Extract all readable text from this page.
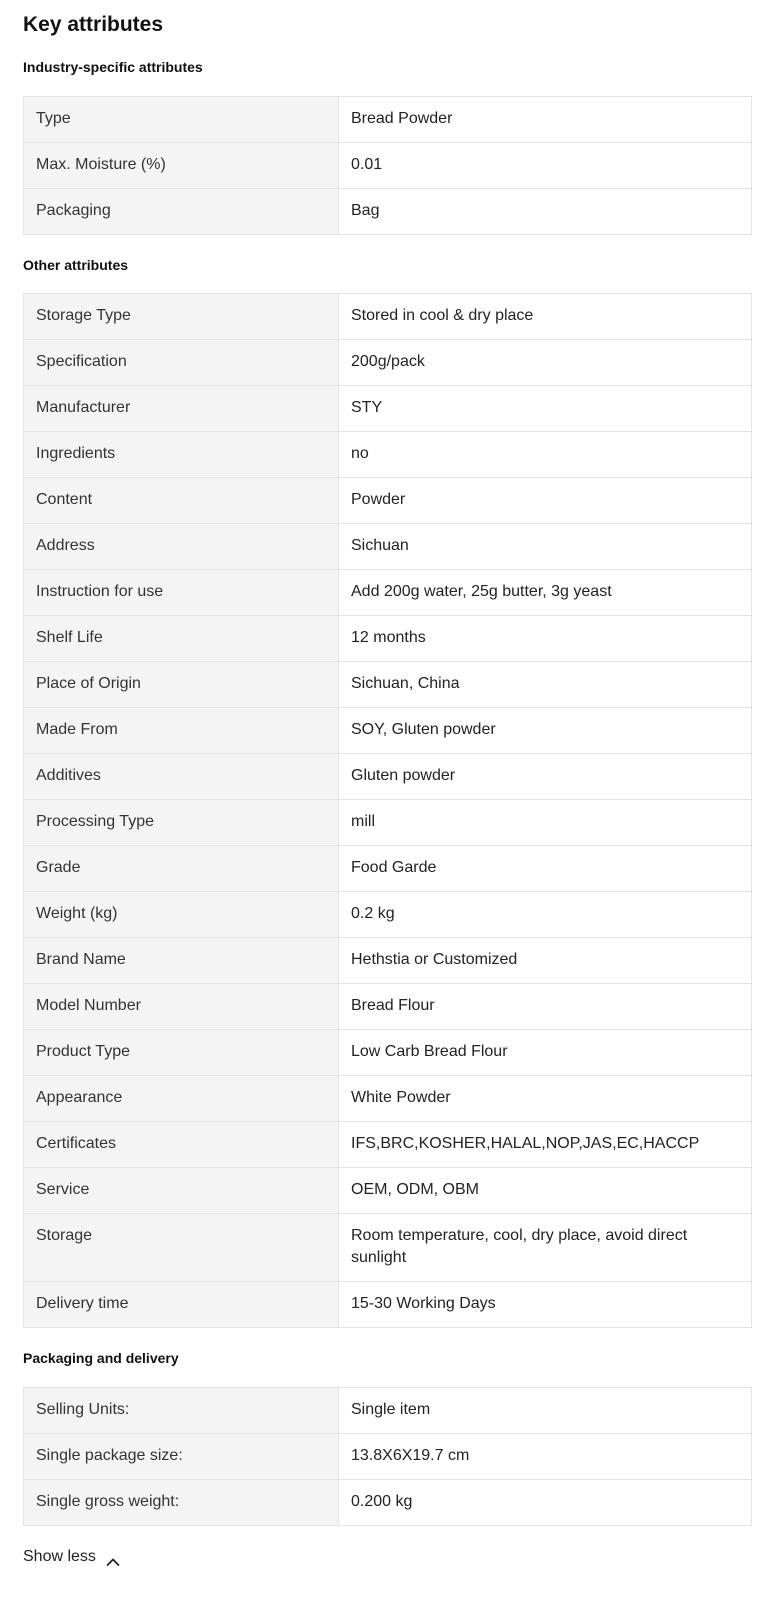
Key attributes
Industry-specific attributes
Type	Bread Powder
Max. Moisture (%)	0.01
Packaging	Bag
Other attributes
Storage Type	Stored in cool & dry place
Specification	200g/pack
Manufacturer	STY
Ingredients	no
Content	Powder
Address	Sichuan
Instruction for use	Add 200g water, 25g butter, 3g yeast
Shelf Life	12 months
Place of Origin	Sichuan, China
Made From	SOY, Gluten powder
Additives	Gluten powder
Processing Type	mill
Grade	Food Garde
Weight (kg)	0.2 kg
Brand Name	Hethstia or Customized
Model Number	Bread Flour
Product Type	Low Carb Bread Flour
Appearance	White Powder
Certificates	IFS,BRC,KOSHER,HALAL,NOP,JAS,EC,HACCP
Service	OEM, ODM, OBM
Storage	Room temperature, cool, dry place, avoid direct sunlight
Delivery time	15-30 Working Days
Packaging and delivery
Selling Units:	Single item
Single package size:	13.8X6X19.7 cm
Single gross weight:	0.200 kg
Show less
